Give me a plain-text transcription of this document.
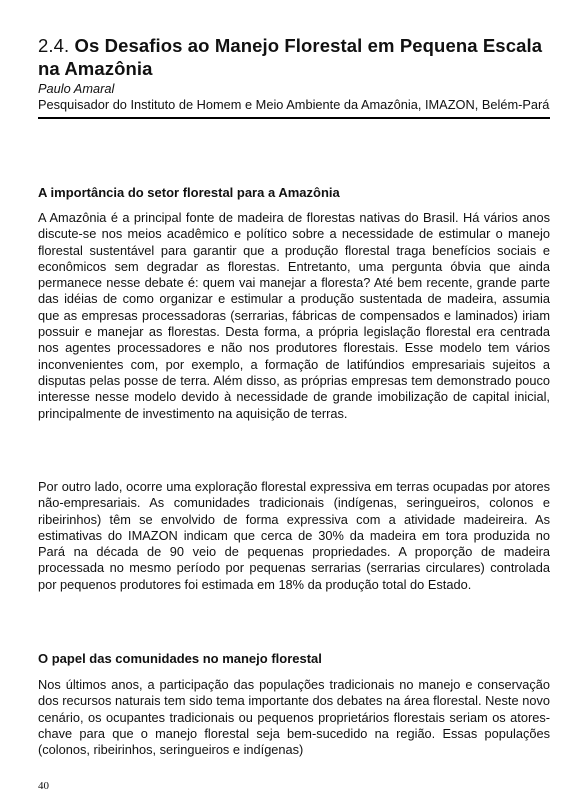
2.4. Os Desafios ao Manejo Florestal em Pequena Escala na Amazônia

Paulo Amaral

Pesquisador do Instituto de Homem e Meio Ambiente da Amazônia, IMAZON, Belém-Pará

A importância do setor florestal para a Amazônia

A Amazônia é a principal fonte de madeira de florestas nativas do Brasil. Há vários anos discute-se nos meios acadêmico e político sobre a necessidade de estimular o manejo florestal sustentável para garantir que a produção florestal traga benefícios sociais e econômicos sem degradar as florestas. Entretanto, uma pergunta óbvia que ainda permanece nesse debate é: quem vai manejar a floresta? Até bem recente, grande parte das idéias de como organizar e estimular a produção sustentada de madeira, assumia que as empresas processadoras (serrarias, fábricas de compensados e laminados) iriam possuir e manejar as florestas. Desta forma, a própria legislação florestal era centrada nos agentes processadores e não nos produtores florestais. Esse modelo tem vários inconvenientes com, por exemplo, a formação de latifúndios empresariais sujeitos a disputas pelas posse de terra. Além disso, as próprias empresas tem demonstrado pouco interesse nesse modelo devido à necessidade de grande imobilização de capital inicial, principalmente de investimento na aquisição de terras.

Por outro lado, ocorre uma exploração florestal expressiva em terras ocupadas por atores não-empresariais. As comunidades tradicionais (indígenas, seringueiros, colonos e ribeirinhos) têm se envolvido de forma expressiva com a atividade madeireira. As estimativas do IMAZON indicam que cerca de 30% da madeira em tora produzida no Pará na década de 90 veio de pequenas propriedades. A proporção de madeira processada no mesmo período por pequenas serrarias (serrarias circulares) controlada por pequenos produtores foi estimada em 18% da produção total do Estado.

O papel das comunidades no manejo florestal

Nos últimos anos, a participação das populações tradicionais no manejo e conservação dos recursos naturais tem sido tema importante dos debates na área florestal. Neste novo cenário, os ocupantes tradicionais ou pequenos proprietários florestais seriam os atores-chave para que o manejo florestal seja bem-sucedido na região. Essas populações (colonos, ribeirinhos, seringueiros e indígenas)

40
